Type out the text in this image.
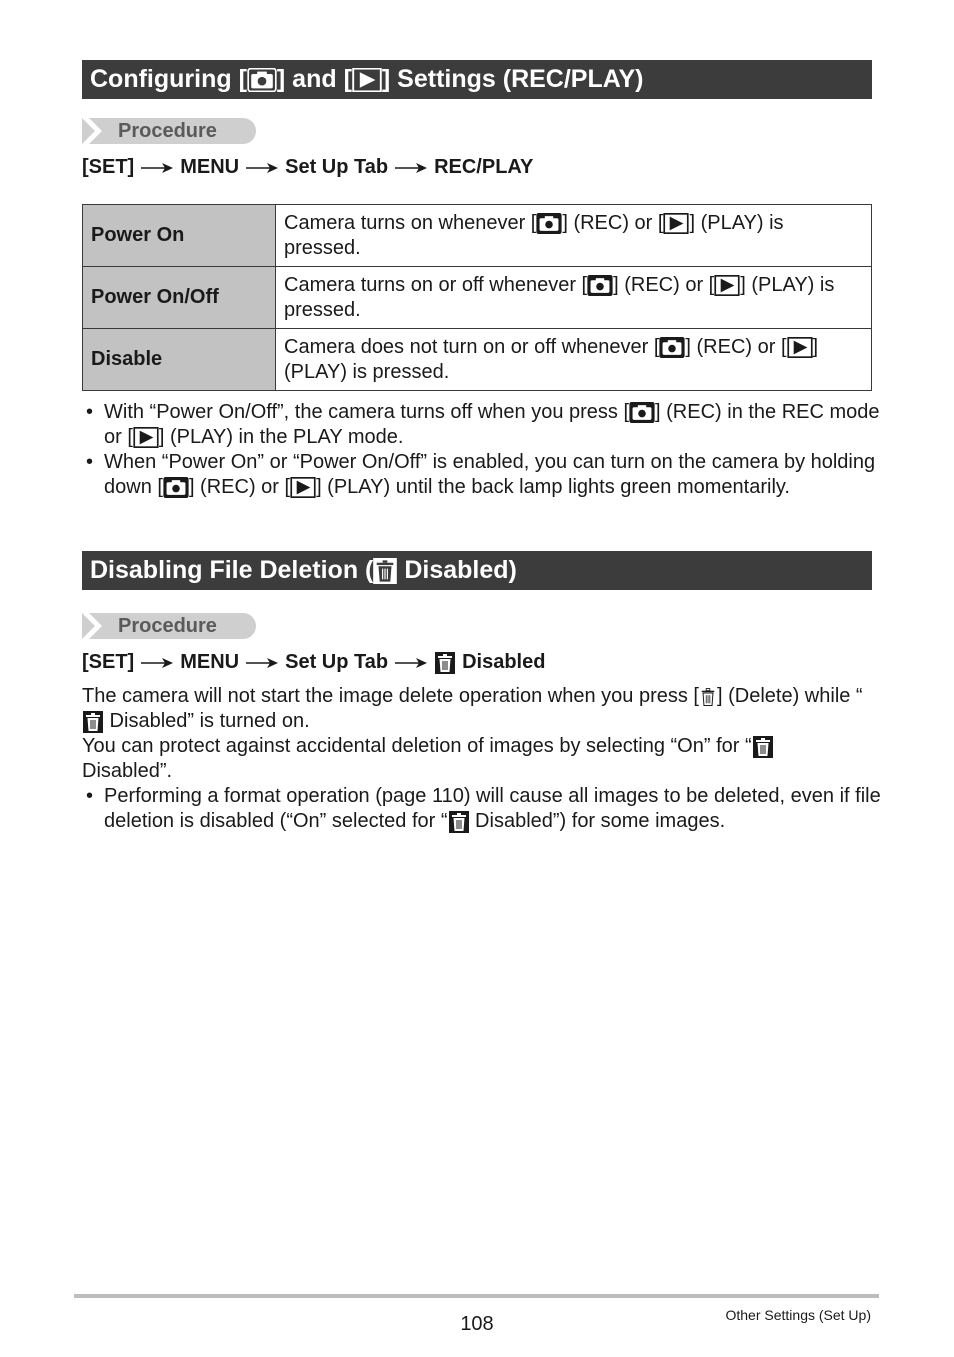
Configuring [ ] and [ ] Settings (REC/PLAY)
Procedure
[SET] MENU Set Up Tab REC/PLAY
Power On	Camera turns on whenever [ ] (REC) or [ ] (PLAY) is pressed.
Power On/Off	Camera turns on or off whenever [ ] (REC) or [ ] (PLAY) is pressed.
Disable	Camera does not turn on or off whenever [ ] (REC) or [ ] (PLAY) is pressed.
• With “Power On/Off”, the camera turns off when you press [ ] (REC) in the REC mode or [ ] (PLAY) in the PLAY mode.
• When “Power On” or “Power On/Off” is enabled, you can turn on the camera by holding down [ ] (REC) or [ ] (PLAY) until the back lamp lights green momentarily.
Disabling File Deletion (
Disabled)
Procedure
[SET] MENU Set Up Tab	Disabled
The camera will not start the image delete operation when you press [ ] (Delete) while “
Disabled” is turned on.
You can protect against accidental deletion of images by selecting “On” for “
Disabled”.
• Performing a format operation (page 110) will cause all images to be deleted, even if file deletion is disabled (“On” selected for “
Disabled”) for some images.
108	Other Settings (Set Up)
